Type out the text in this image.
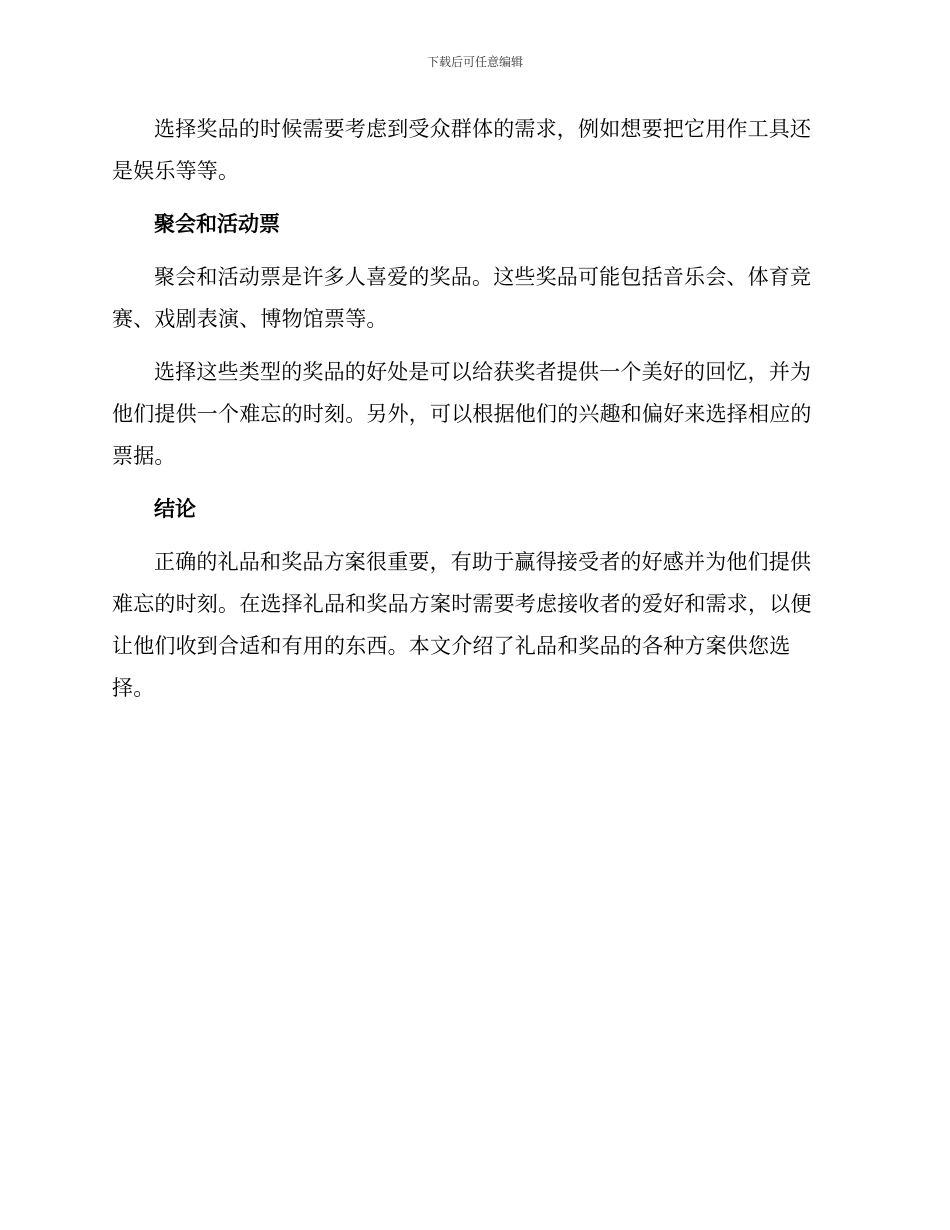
下载后可任意编辑

选择奖品的时候需要考虑到受众群体的需求，例如想要把它用作工具还是娱乐等等。

聚会和活动票

聚会和活动票是许多人喜爱的奖品。这些奖品可能包括音乐会、体育竞赛、戏剧表演、博物馆票等。

选择这些类型的奖品的好处是可以给获奖者提供一个美好的回忆，并为他们提供一个难忘的时刻。另外，可以根据他们的兴趣和偏好来选择相应的票据。

结论

正确的礼品和奖品方案很重要，有助于赢得接受者的好感并为他们提供难忘的时刻。在选择礼品和奖品方案时需要考虑接收者的爱好和需求，以便让他们收到合适和有用的东西。本文介绍了礼品和奖品的各种方案供您选择。
